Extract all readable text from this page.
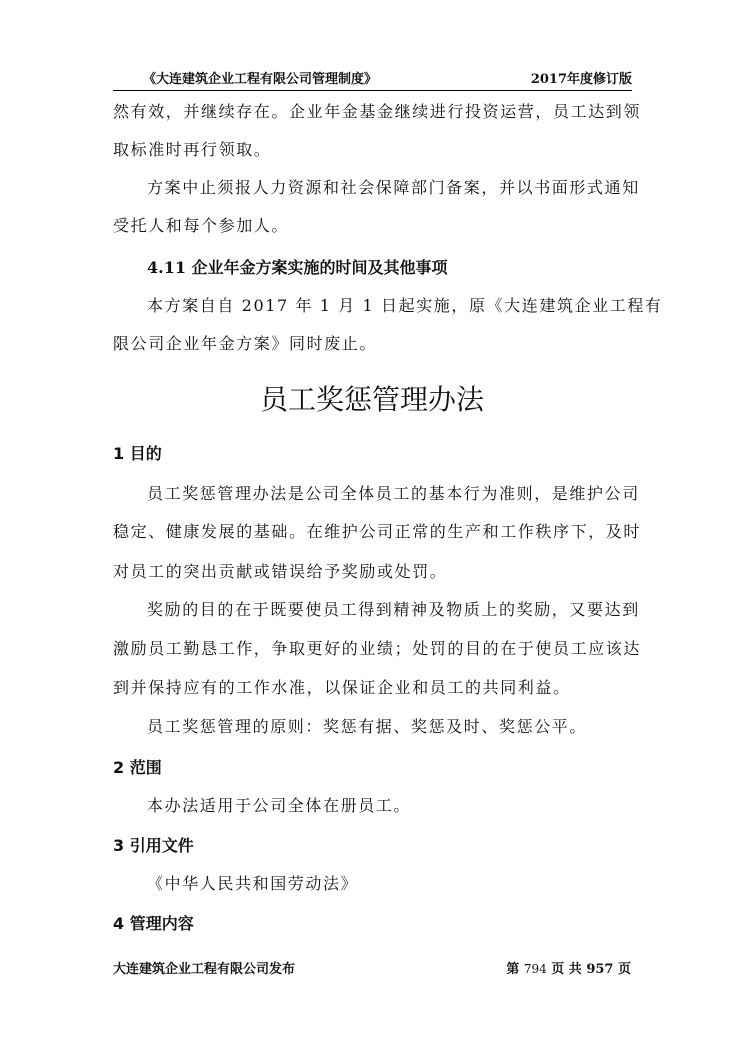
《大连建筑企业工程有限公司管理制度》	2017年度修订版
然有效，并继续存在。企业年金基金继续进行投资运营，员工达到领
取标准时再行领取。
方案中止须报人力资源和社会保障部门备案，并以书面形式通知
受托人和每个参加人。
4.11 企业年金方案实施的时间及其他事项
本方案自自 2017 年 1 月 1 日起实施，原《大连建筑企业工程有
限公司企业年金方案》同时废止。
员工奖惩管理办法
1 目的
员工奖惩管理办法是公司全体员工的基本行为准则，是维护公司
稳定、健康发展的基础。在维护公司正常的生产和工作秩序下，及时
对员工的突出贡献或错误给予奖励或处罚。
奖励的目的在于既要使员工得到精神及物质上的奖励，又要达到
激励员工勤恳工作，争取更好的业绩；处罚的目的在于使员工应该达
到并保持应有的工作水准，以保证企业和员工的共同利益。
员工奖惩管理的原则：奖惩有据、奖惩及时、奖惩公平。
2 范围
本办法适用于公司全体在册员工。
3 引用文件
《中华人民共和国劳动法》
4 管理内容
大连建筑企业工程有限公司发布	第 794 页 共 957 页
